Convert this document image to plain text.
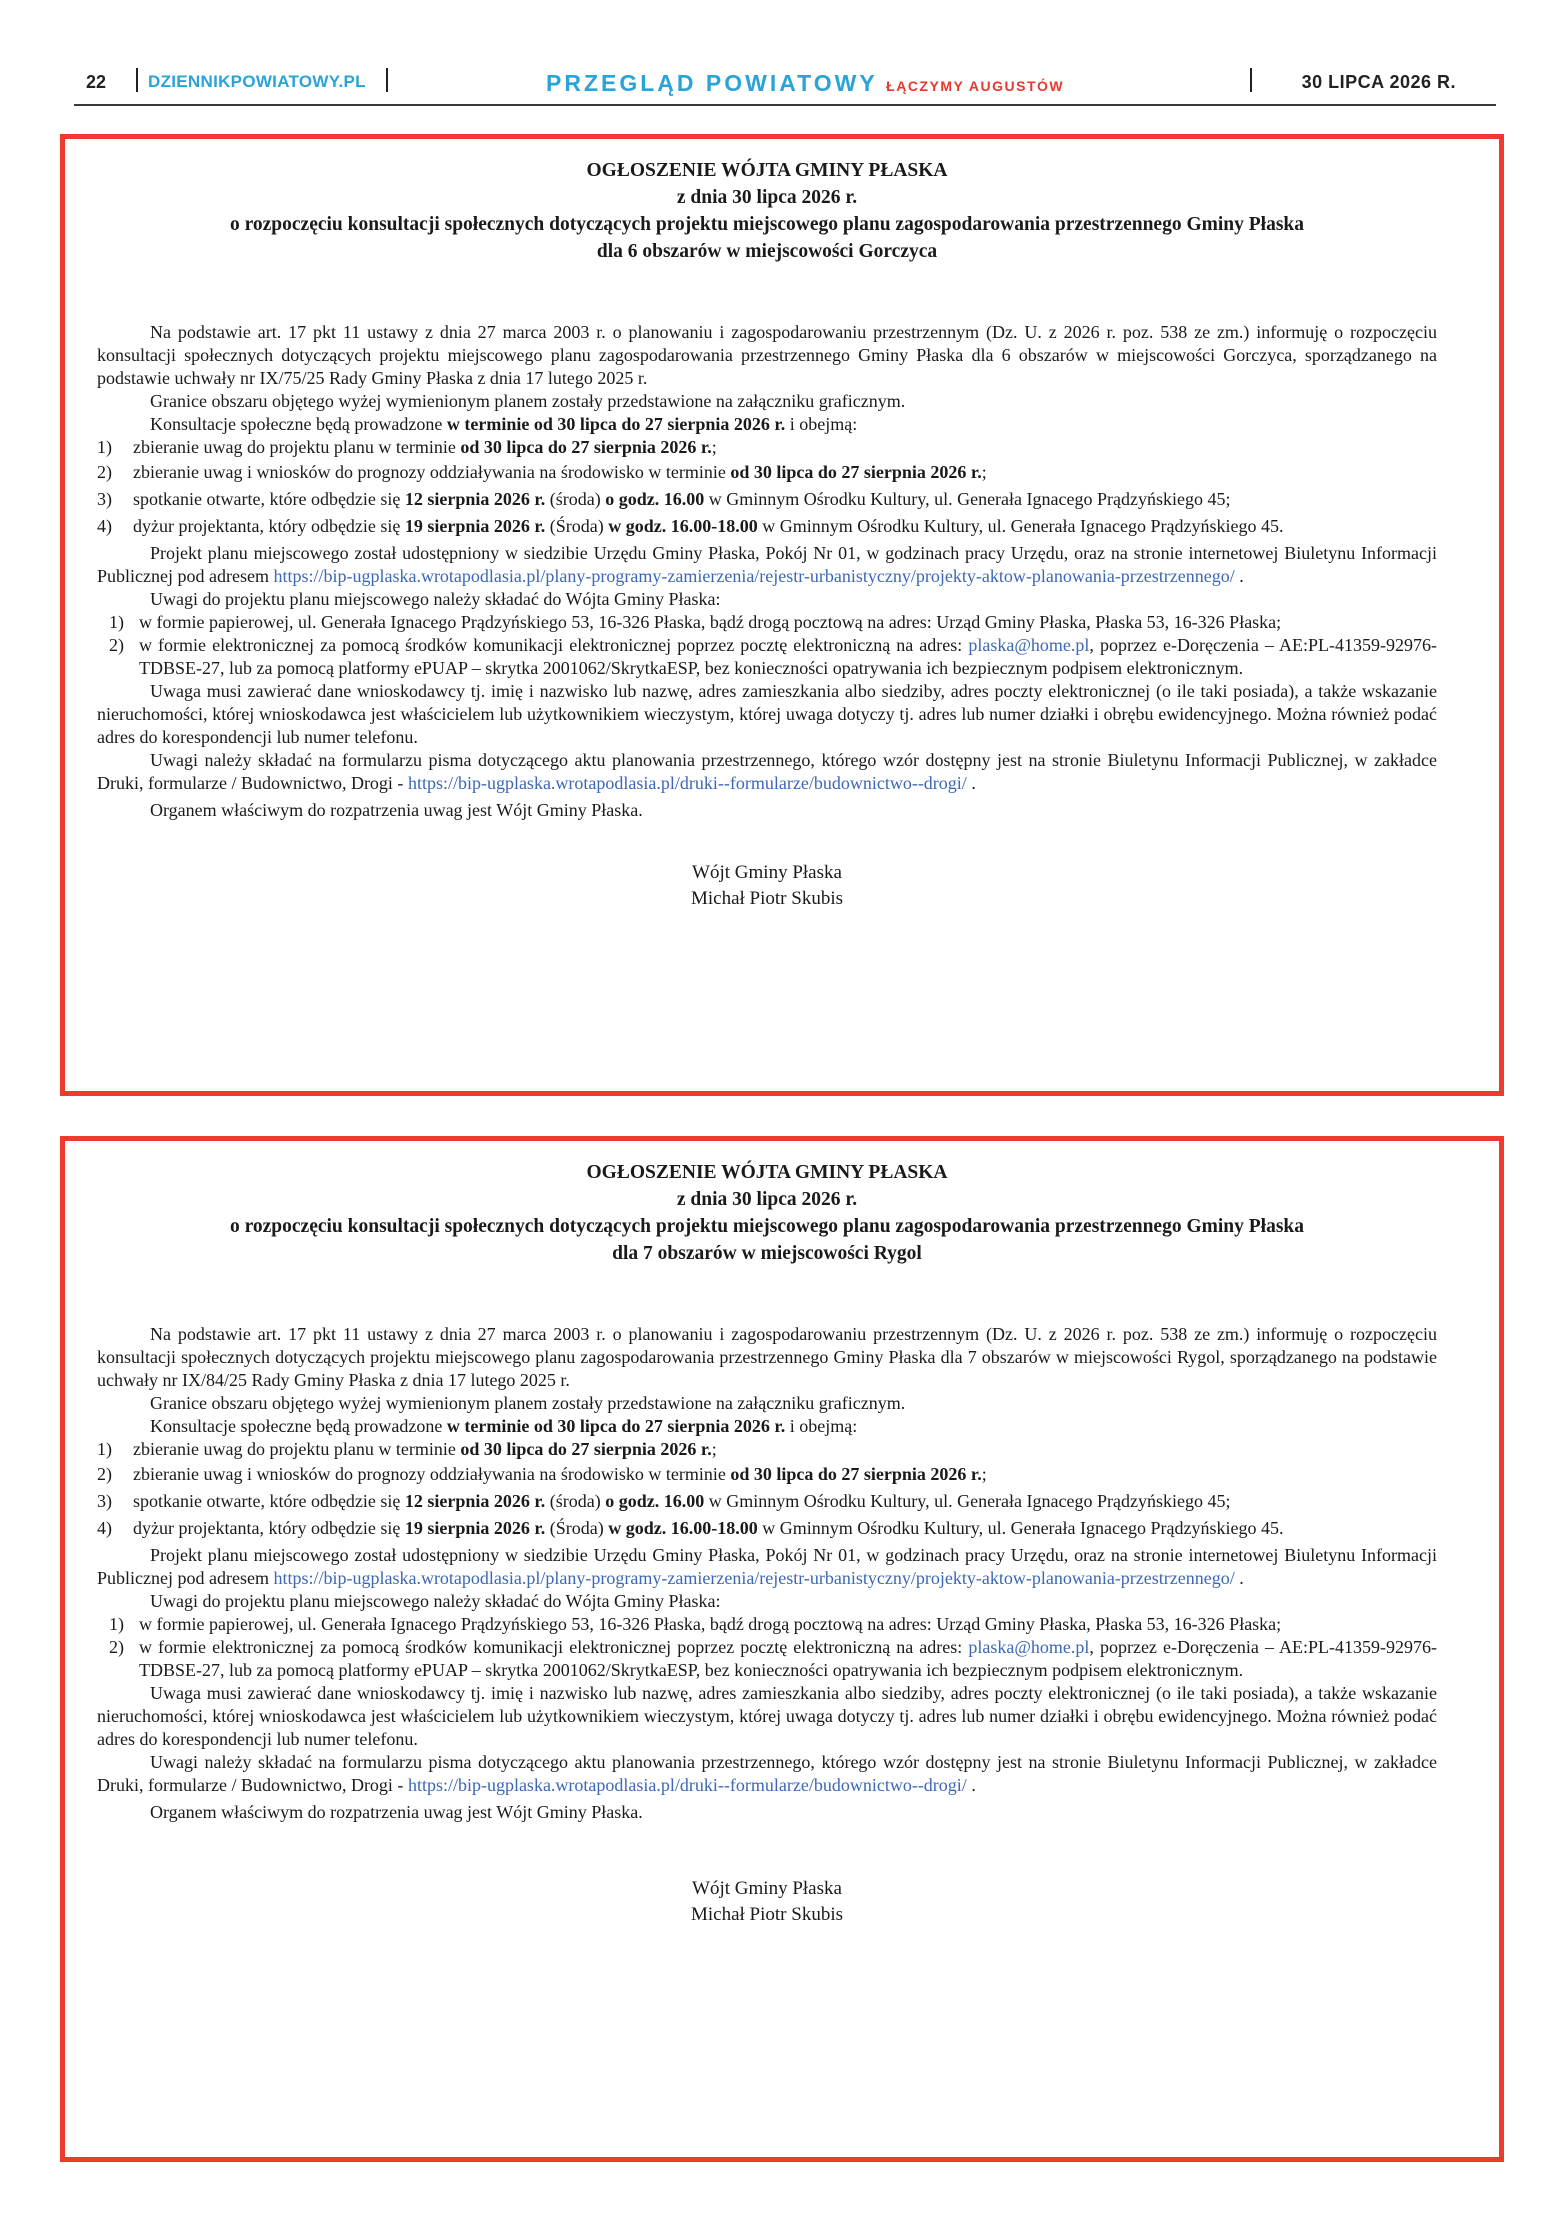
22 DZIENNIKPOWIATOWY.PL	PRZEGLĄD POWIATOWY ŁĄCZYMY AUGUSTÓW	30 LIPCA 2026 R.
OGŁOSZENIE WÓJTA GMINY PŁASKA
z dnia 30 lipca 2026 r.
o rozpoczęciu konsultacji społecznych dotyczących projektu miejscowego planu zagospodarowania przestrzennego Gminy Płaska
dla 6 obszarów w miejscowości Gorczyca

Na podstawie art. 17 pkt 11 ustawy z dnia 27 marca 2003 r. o planowaniu i zagospodarowaniu przestrzennym (Dz. U. z 2026 r. poz. 538 ze zm.) informuję o rozpoczęciu konsultacji społecznych dotyczących projektu miejscowego planu zagospodarowania przestrzennego Gminy Płaska dla 6 obszarów w miejscowości Gorczyca, sporządzanego na podstawie uchwały nr IX/75/25 Rady Gminy Płaska z dnia 17 lutego 2025 r.

Granice obszaru objętego wyżej wymienionym planem zostały przedstawione na załączniku graficznym.

Konsultacje społeczne będą prowadzone w terminie od 30 lipca do 27 sierpnia 2026 r. i obejmą:

1) zbieranie uwag do projektu planu w terminie od 30 lipca do 27 sierpnia 2026 r.;

2) zbieranie uwag i wniosków do prognozy oddziaływania na środowisko w terminie od 30 lipca do 27 sierpnia 2026 r.;

3) spotkanie otwarte, które odbędzie się 12 sierpnia 2026 r. (środa) o godz. 16.00 w Gminnym Ośrodku Kultury, ul. Generała Ignacego Prądzyńskiego 45;

4) dyżur projektanta, który odbędzie się 19 sierpnia 2026 r. (Środa) w godz. 16.00-18.00 w Gminnym Ośrodku Kultury, ul. Generała Ignacego Prądzyńskiego 45.

Projekt planu miejscowego został udostępniony w siedzibie Urzędu Gminy Płaska, Pokój Nr 01, w godzinach pracy Urzędu, oraz na stronie internetowej Biuletynu Informacji Publicznej pod adresem https://bip-ugplaska.wrotapodlasia.pl/plany-programy-zamierzenia/rejestr-urbanistyczny/projekty-aktow-planowania-przestrzennego/ .

Uwagi do projektu planu miejscowego należy składać do Wójta Gminy Płaska:

1) w formie papierowej, ul. Generała Ignacego Prądzyńskiego 53, 16-326 Płaska, bądź drogą pocztową na adres: Urząd Gminy Płaska, Płaska 53, 16-326 Płaska;

2) w formie elektronicznej za pomocą środków komunikacji elektronicznej poprzez pocztę elektroniczną na adres: plaska@home.pl, poprzez e-Doręczenia – AE:PL-41359-92976-TDBSE-27, lub za pomocą platformy ePUAP – skrytka 2001062/SkrytkaESP, bez konieczności opatrywania ich bezpiecznym podpisem elektronicznym.

Uwaga musi zawierać dane wnioskodawcy tj. imię i nazwisko lub nazwę, adres zamieszkania albo siedziby, adres poczty elektronicznej (o ile taki posiada), a także wskazanie nieruchomości, której wnioskodawca jest właścicielem lub użytkownikiem wieczystym, której uwaga dotyczy tj. adres lub numer działki i obrębu ewidencyjnego. Można również podać adres do korespondencji lub numer telefonu.

Uwagi należy składać na formularzu pisma dotyczącego aktu planowania przestrzennego, którego wzór dostępny jest na stronie Biuletynu Informacji Publicznej, w zakładce Druki, formularze / Budownictwo, Drogi - https://bip-ugplaska.wrotapodlasia.pl/druki--formularze/budownictwo--drogi/ .

Organem właściwym do rozpatrzenia uwag jest Wójt Gminy Płaska.

Wójt Gminy Płaska
Michał Piotr Skubis
OGŁOSZENIE WÓJTA GMINY PŁASKA
z dnia 30 lipca 2026 r.
o rozpoczęciu konsultacji społecznych dotyczących projektu miejscowego planu zagospodarowania przestrzennego Gminy Płaska
dla 7 obszarów w miejscowości Rygol

Na podstawie art. 17 pkt 11 ustawy z dnia 27 marca 2003 r. o planowaniu i zagospodarowaniu przestrzennym (Dz. U. z 2026 r. poz. 538 ze zm.) informuję o rozpoczęciu konsultacji społecznych dotyczących projektu miejscowego planu zagospodarowania przestrzennego Gminy Płaska dla 7 obszarów w miejscowości Rygol, sporządzanego na podstawie uchwały nr IX/84/25 Rady Gminy Płaska z dnia 17 lutego 2025 r.

Granice obszaru objętego wyżej wymienionym planem zostały przedstawione na załączniku graficznym.

Konsultacje społeczne będą prowadzone w terminie od 30 lipca do 27 sierpnia 2026 r. i obejmą:

1) zbieranie uwag do projektu planu w terminie od 30 lipca do 27 sierpnia 2026 r.;

2) zbieranie uwag i wniosków do prognozy oddziaływania na środowisko w terminie od 30 lipca do 27 sierpnia 2026 r.;

3) spotkanie otwarte, które odbędzie się 12 sierpnia 2026 r. (środa) o godz. 16.00 w Gminnym Ośrodku Kultury, ul. Generała Ignacego Prądzyńskiego 45;

4) dyżur projektanta, który odbędzie się 19 sierpnia 2026 r. (Środa) w godz. 16.00-18.00 w Gminnym Ośrodku Kultury, ul. Generała Ignacego Prądzyńskiego 45.

Projekt planu miejscowego został udostępniony w siedzibie Urzędu Gminy Płaska, Pokój Nr 01, w godzinach pracy Urzędu, oraz na stronie internetowej Biuletynu Informacji Publicznej pod adresem https://bip-ugplaska.wrotapodlasia.pl/plany-programy-zamierzenia/rejestr-urbanistyczny/projekty-aktow-planowania-przestrzennego/ .

Uwagi do projektu planu miejscowego należy składać do Wójta Gminy Płaska:

1) w formie papierowej, ul. Generała Ignacego Prądzyńskiego 53, 16-326 Płaska, bądź drogą pocztową na adres: Urząd Gminy Płaska, Płaska 53, 16-326 Płaska;

2) w formie elektronicznej za pomocą środków komunikacji elektronicznej poprzez pocztę elektroniczną na adres: plaska@home.pl, poprzez e-Doręczenia – AE:PL-41359-92976-TDBSE-27, lub za pomocą platformy ePUAP – skrytka 2001062/SkrytkaESP, bez konieczności opatrywania ich bezpiecznym podpisem elektronicznym.

Uwaga musi zawierać dane wnioskodawcy tj. imię i nazwisko lub nazwę, adres zamieszkania albo siedziby, adres poczty elektronicznej (o ile taki posiada), a także wskazanie nieruchomości, której wnioskodawca jest właścicielem lub użytkownikiem wieczystym, której uwaga dotyczy tj. adres lub numer działki i obrębu ewidencyjnego. Można również podać adres do korespondencji lub numer telefonu.

Uwagi należy składać na formularzu pisma dotyczącego aktu planowania przestrzennego, którego wzór dostępny jest na stronie Biuletynu Informacji Publicznej, w zakładce Druki, formularze / Budownictwo, Drogi - https://bip-ugplaska.wrotapodlasia.pl/druki--formularze/budownictwo--drogi/ .

Organem właściwym do rozpatrzenia uwag jest Wójt Gminy Płaska.

Wójt Gminy Płaska
Michał Piotr Skubis
